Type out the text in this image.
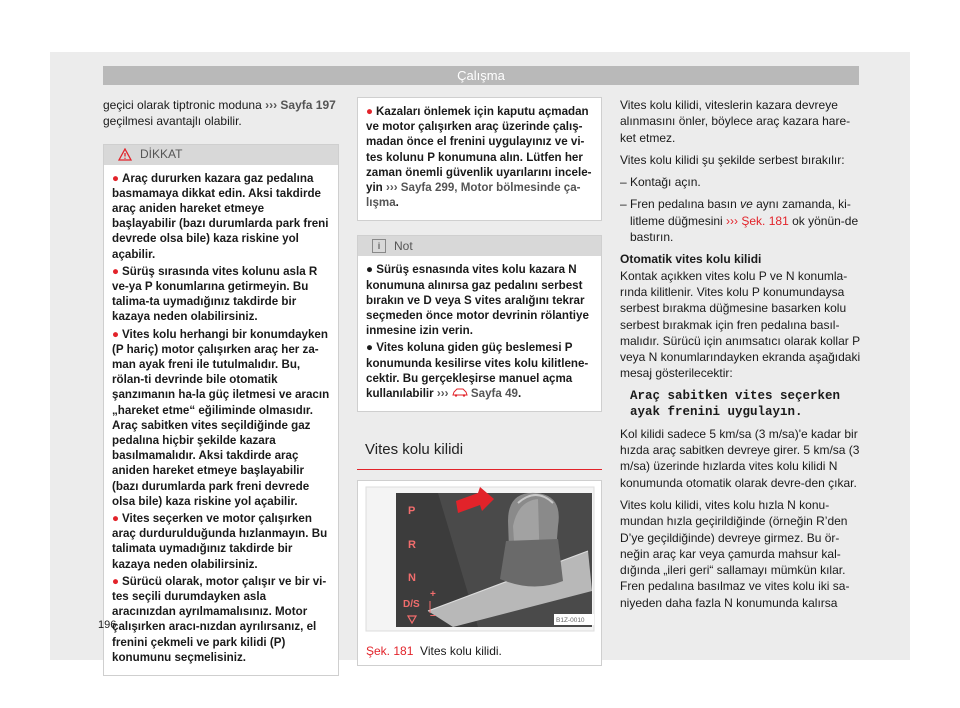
Çalışma

geçici olarak tiptronic moduna ››› Sayfa 197 geçilmesi avantajlı olabilir.

DİKKAT

● Araç dururken kazara gaz pedalına basmamaya dikkat edin. Aksi takdirde araç aniden hareket etmeye başlayabilir (bazı durumlarda park freni devrede olsa bile) kaza riskine yol açabilir.

● Sürüş sırasında vites kolunu asla R ve-ya P konumlarına getirmeyin. Bu talima-ta uymadığınız takdirde bir kazaya neden olabilirsiniz.

● Vites kolu herhangi bir konumdayken (P hariç) motor çalışırken araç her za-man ayak freni ile tutulmalıdır. Bu, rölan-ti devrinde bile otomatik şanzımanın ha-la güç iletmesi ve aracın „hareket etme“ eğiliminde olmasıdır. Araç sabitken vites seçildiğinde gaz pedalına hiçbir şekilde kazara basılmamalıdır. Aksi takdirde araç aniden hareket etmeye başlayabilir (bazı durumlarda park freni devrede olsa bile) kaza riskine yol açabilir.

● Vites seçerken ve motor çalışırken araç durdurulduğunda hızlanmayın. Bu talimata uymadığınız takdirde bir kazaya neden olabilirsiniz.

● Sürücü olarak, motor çalışır ve bir vi-tes seçili durumdayken asla aracınızdan ayrılmamalısınız. Motor çalışırken aracı-nızdan ayrılırsanız, el frenini çekmeli ve park kilidi (P) konumunu seçmelisiniz.

● Kazaları önlemek için kaputu açmadan ve motor çalışırken araç üzerinde çalış-madan önce el frenini uygulayınız ve vi-tes kolunu P konumuna alın. Lütfen her zaman önemli güvenlik uyarılarını incele-yin ››› Sayfa 299, Motor bölmesinde ça-lışma.

i	Not

● Sürüş esnasında vites kolu kazara N konumuna alınırsa gaz pedalını serbest bırakın ve D veya S vites aralığını tekrar seçmeden önce motor devrinin rölantiye inmesine izin verin.

● Vites koluna giden güç beslemesi P konumunda kesilirse vites kolu kilitlene-cektir. Bu gerçekleşirse manuel açma kullanılabilir ›››  Sayfa 49.

Vites kolu kilidi
P
R
N
D/S
+
–	B1Z-0010
Şek. 181 Vites kolu kilidi.

Vites kolu kilidi, viteslerin kazara devreye alınmasını önler, böylece araç kazara hare-ket etmez.

Vites kolu kilidi şu şekilde serbest bırakılır:

– Kontağı açın.

– Fren pedalına basın ve aynı zamanda, ki-litleme düğmesini ››› Şek. 181 ok yönün-de bastırın.

Otomatik vites kolu kilidi

Kontak açıkken vites kolu P ve N konumla-rında kilitlenir. Vites kolu P konumundaysa serbest bırakma düğmesine basarken kolu serbest bırakmak için fren pedalına basıl-malıdır. Sürücü için anımsatıcı olarak kollar P veya N konumlarındayken ekranda aşağıdaki mesaj gösterilecektir:

Araç sabitken vites seçerken ayak frenini uygulayın.

Kol kilidi sadece 5 km/sa (3 m/sa)'e kadar bir hızda araç sabitken devreye girer. 5 km/sa (3 m/sa) üzerinde hızlarda vites kolu kilidi N konumunda otomatik olarak devre-den çıkar.

Vites kolu kilidi, vites kolu hızla N konu-mundan hızla geçirildiğinde (örneğin R’den D’ye geçildiğinde) devreye girmez. Bu ör-neğin araç kar veya çamurda mahsur kal-dığında „ileri geri“ sallamayı mümkün kılar. Fren pedalına basılmaz ve vites kolu iki sa-niyeden daha fazla N konumunda kalırsa

196
